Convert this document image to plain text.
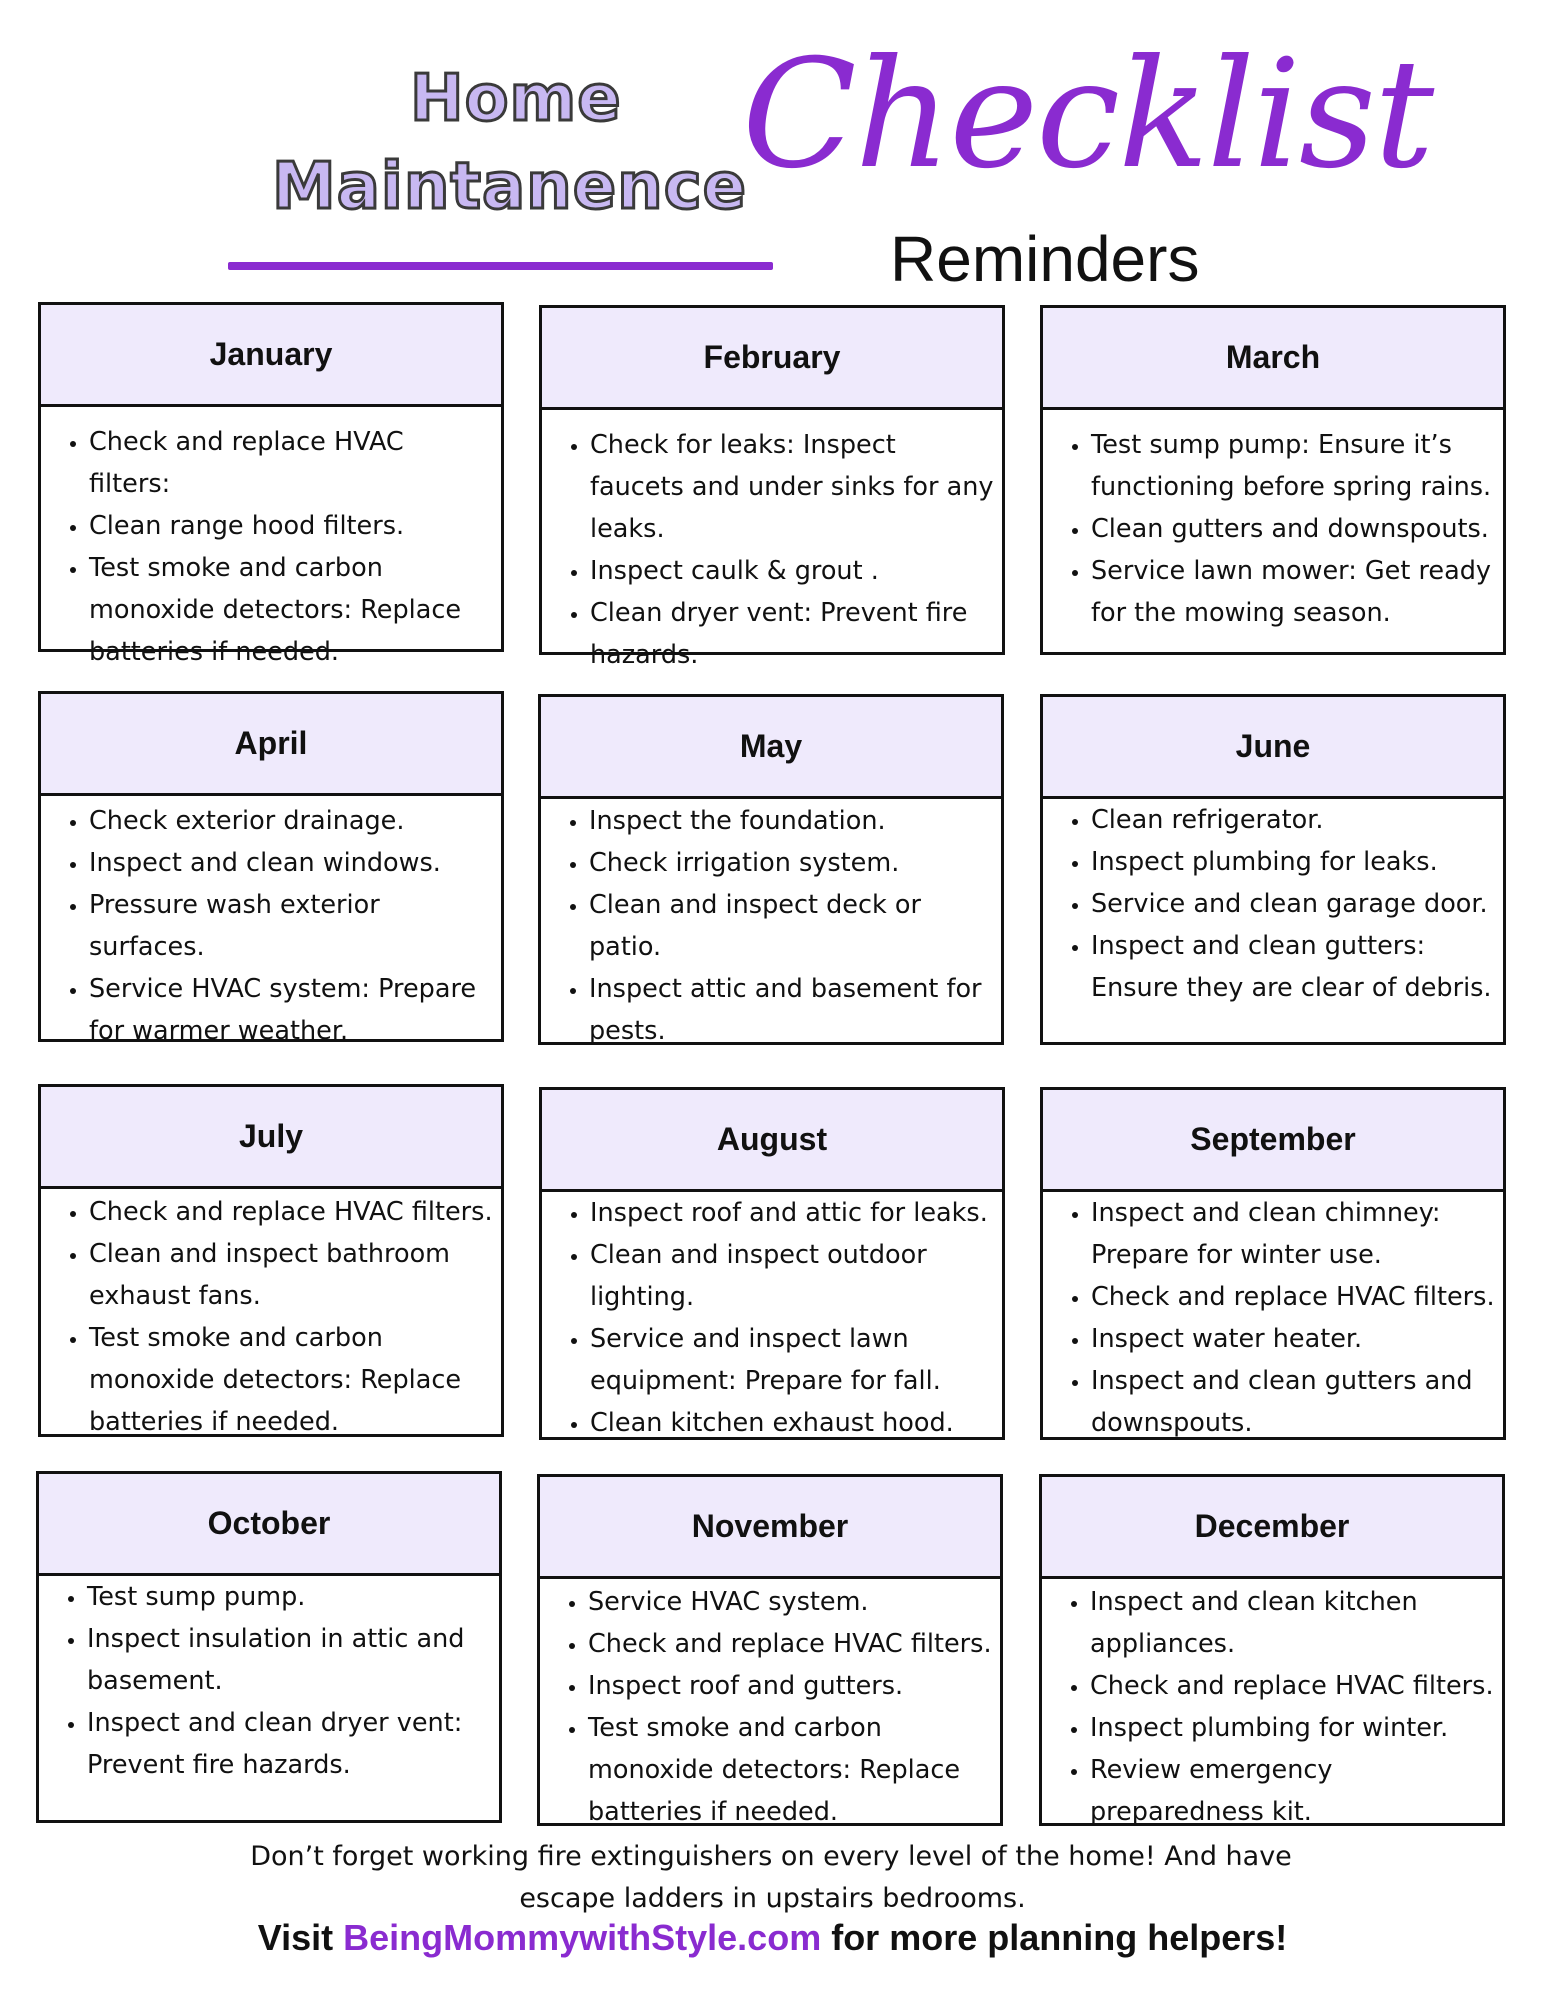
Home
Maintanence
Checklist
Reminders
January
• Check and replace HVAC filters:
• Clean range hood filters.
• Test smoke and carbon monoxide detectors: Replace batteries if needed.
February
• Check for leaks: Inspect faucets and under sinks for any leaks.
• Inspect caulk & grout .
• Clean dryer vent: Prevent fire hazards.
March
• Test sump pump: Ensure it’s functioning before spring rains.
• Clean gutters and downspouts.
• Service lawn mower: Get ready for the mowing season.
April
• Check exterior drainage.
• Inspect and clean windows.
• Pressure wash exterior surfaces.
• Service HVAC system: Prepare for warmer weather.
May
• Inspect the foundation.
• Check irrigation system.
• Clean and inspect deck or patio.
• Inspect attic and basement for pests.
June
• Clean refrigerator.
• Inspect plumbing for leaks.
• Service and clean garage door.
• Inspect and clean gutters: Ensure they are clear of debris.
July
• Check and replace HVAC filters.
• Clean and inspect bathroom exhaust fans.
• Test smoke and carbon monoxide detectors: Replace batteries if needed.
August
• Inspect roof and attic for leaks.
• Clean and inspect outdoor lighting.
• Service and inspect lawn equipment: Prepare for fall.
• Clean kitchen exhaust hood.
September
• Inspect and clean chimney: Prepare for winter use.
• Check and replace HVAC filters.
• Inspect water heater.
• Inspect and clean gutters and downspouts.
October
• Test sump pump.
• Inspect insulation in attic and basement.
• Inspect and clean dryer vent: Prevent fire hazards.
November
• Service HVAC system.
• Check and replace HVAC filters.
• Inspect roof and gutters.
• Test smoke and carbon monoxide detectors: Replace batteries if needed.
December
• Inspect and clean kitchen appliances.
• Check and replace HVAC filters.
• Inspect plumbing for winter.
• Review emergency preparedness kit.
Don’t forget working fire extinguishers on every level of the home! And have
escape ladders in upstairs bedrooms.
Visit BeingMommywithStyle.com for more planning helpers!
